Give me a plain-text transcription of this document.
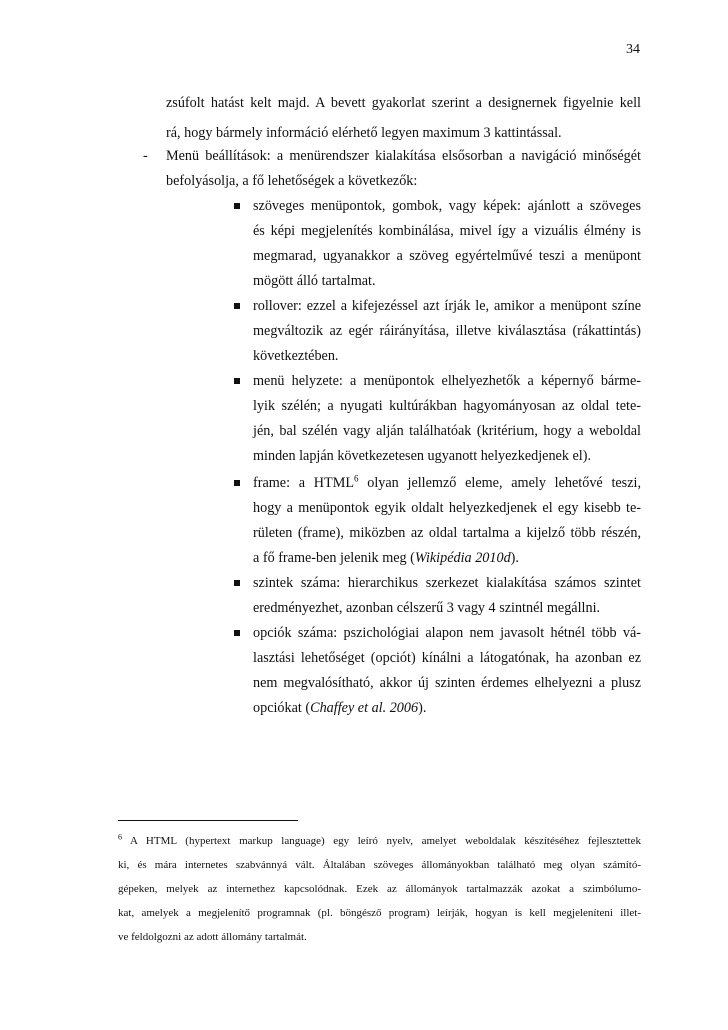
34
zsúfolt hatást kelt majd. A bevett gyakorlat szerint a designernek figyelnie kell
rá, hogy bármely információ elérhető legyen maximum 3 kattintással.
- Menü beállítások: a menürendszer kialakítása elsősorban a navigáció minőségét
befolyásolja, a fő lehetőségek a következők:
szöveges menüpontok, gombok, vagy képek: ajánlott a szöveges
és képi megjelenítés kombinálása, mivel így a vizuális élmény is
megmarad, ugyanakkor a szöveg egyértelművé teszi a menüpont
mögött álló tartalmat.
rollover: ezzel a kifejezéssel azt írják le, amikor a menüpont színe
megváltozik az egér ráirányítása, illetve kiválasztása (rákattintás)
következtében.
menü helyzete: a menüpontok elhelyezhetők a képernyő bárme-
lyik szélén; a nyugati kultúrákban hagyományosan az oldal tete-
jén, bal szélén vagy alján találhatóak (kritérium, hogy a weboldal
minden lapján következetesen ugyanott helyezkedjenek el).
frame: a HTML$^6$ olyan jellemző eleme, amely lehetővé teszi,
hogy a menüpontok egyik oldalt helyezkedjenek el egy kisebb te-
rületen (frame), miközben az oldal tartalma a kijelző több részén,
a fő frame-ben jelenik meg (Wikipédia 2010d).
szintek száma: hierarchikus szerkezet kialakítása számos szintet
eredményezhet, azonban célszerű 3 vagy 4 szintnél megállni.
opciók száma: pszichológiai alapon nem javasolt hétnél több vá-
lasztási lehetőséget (opciót) kínálni a látogatónak, ha azonban ez
nem megvalósítható, akkor új szinten érdemes elhelyezni a plusz
opciókat (Chaffey et al. 2006).
$^6$ A HTML (hypertext markup language) egy leíró nyelv, amelyet weboldalak készítéséhez fejlesztettek
ki, és mára internetes szabvánnyá vált. Általában szöveges állományokban található meg olyan számító-
gépeken, melyek az internethez kapcsolódnak. Ezek az állományok tartalmazzák azokat a szimbólumo-
kat, amelyek a megjelenítő programnak (pl. böngésző program) leírják, hogyan is kell megjeleníteni illet-
ve feldolgozni az adott állomány tartalmát.
